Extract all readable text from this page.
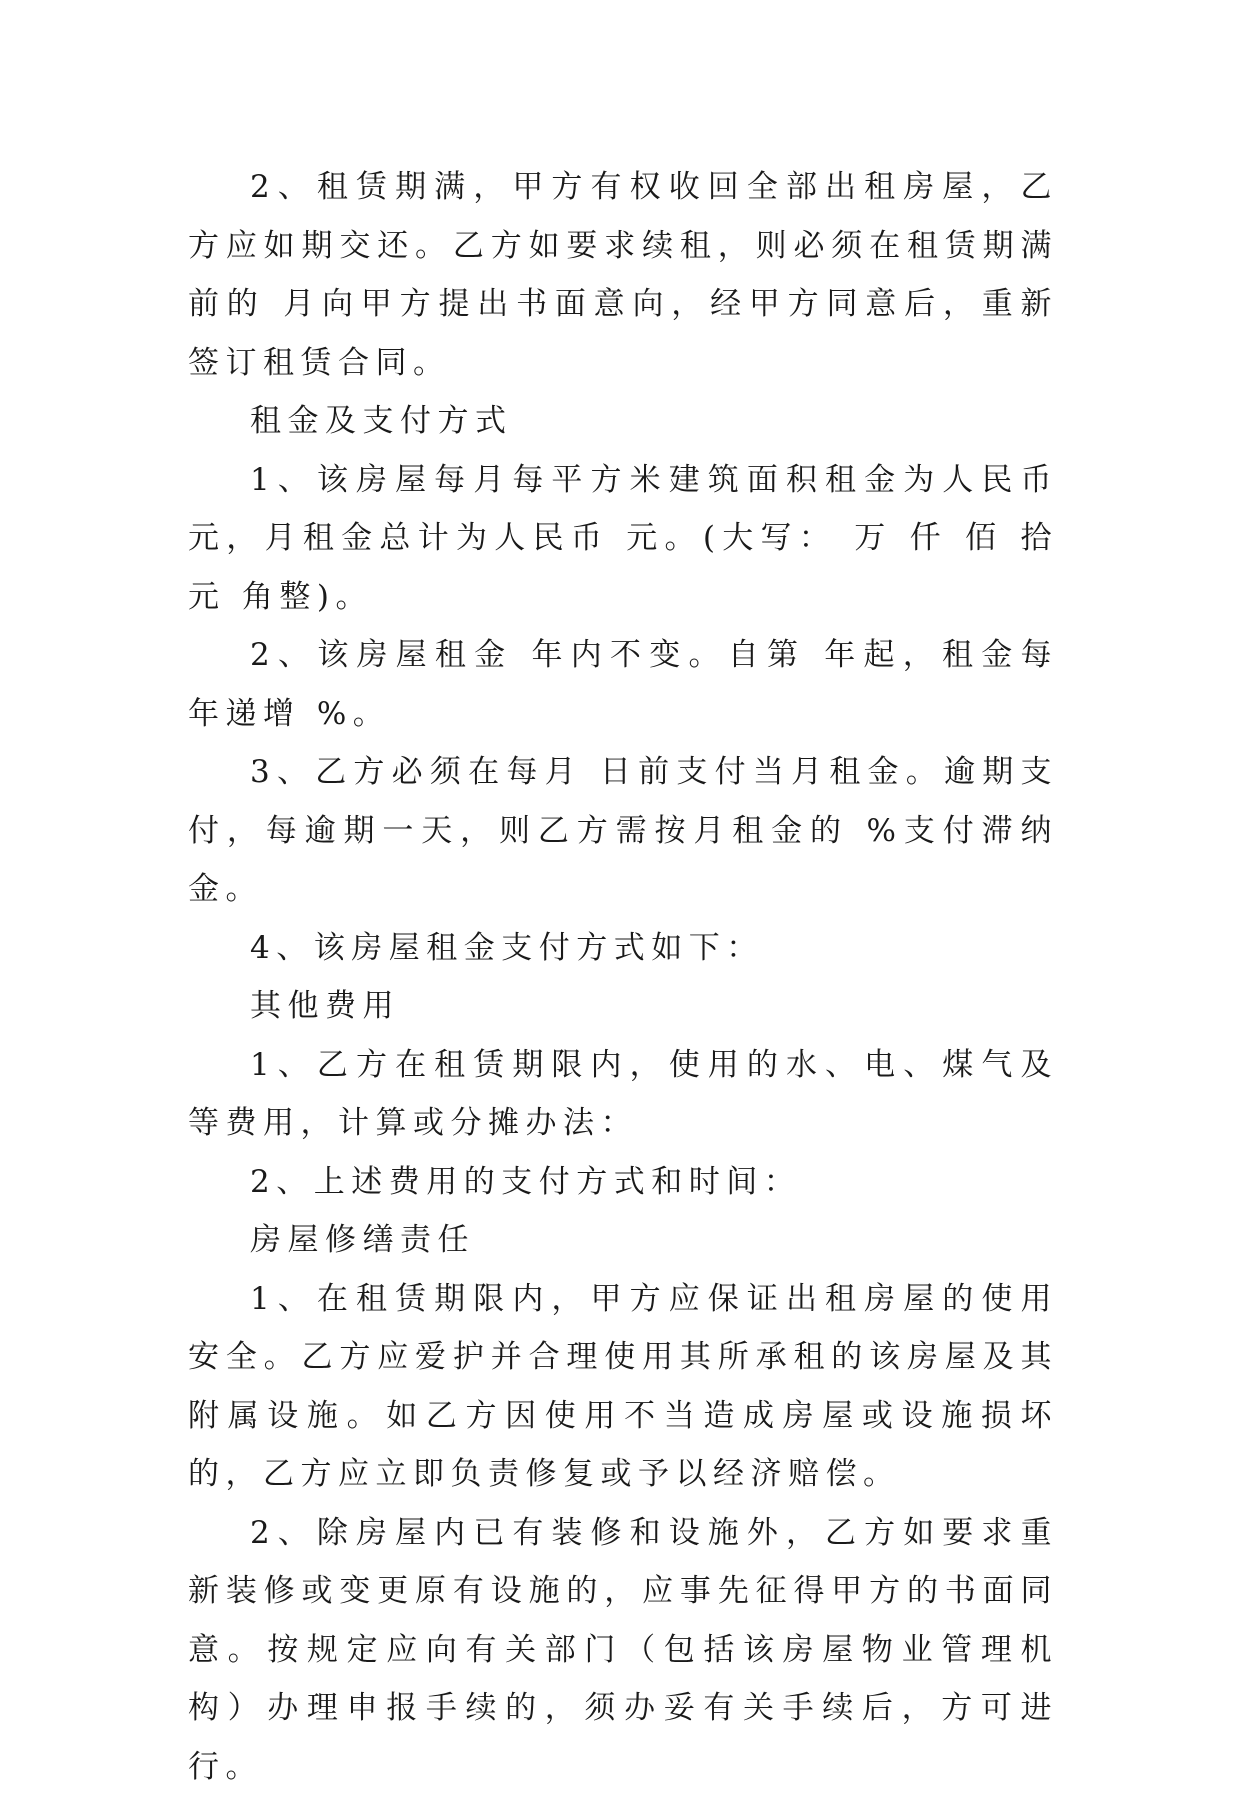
2、租赁期满，甲方有权收回全部出租房屋，乙方应如期交还。乙方如要求续租，则必须在租赁期满前的 月向甲方提出书面意向，经甲方同意后，重新签订租赁合同。

租金及支付方式

1、该房屋每月每平方米建筑面积租金为人民币 元，月租金总计为人民币 元。(大写： 万 仟 佰 拾 元 角整)。

2、该房屋租金 年内不变。自第 年起，租金每 年递增 %。

3、乙方必须在每月 日前支付当月租金。逾期支付，每逾期一天，则乙方需按月租金的 %支付滞纳金。

4、该房屋租金支付方式如下：

其他费用

1、乙方在租赁期限内，使用的水、电、煤气及 等费用，计算或分摊办法：

2、上述费用的支付方式和时间：

房屋修缮责任

1、在租赁期限内，甲方应保证出租房屋的使用安全。乙方应爱护并合理使用其所承租的该房屋及其附属设施。如乙方因使用不当造成房屋或设施损坏的，乙方应立即负责修复或予以经济赔偿。

2、除房屋内已有装修和设施外，乙方如要求重新装修或变更原有设施的，应事先征得甲方的书面同意。按规定应向有关部门（包括该房屋物业管理机构）办理申报手续的，须办妥有关手续后，方可进行。
